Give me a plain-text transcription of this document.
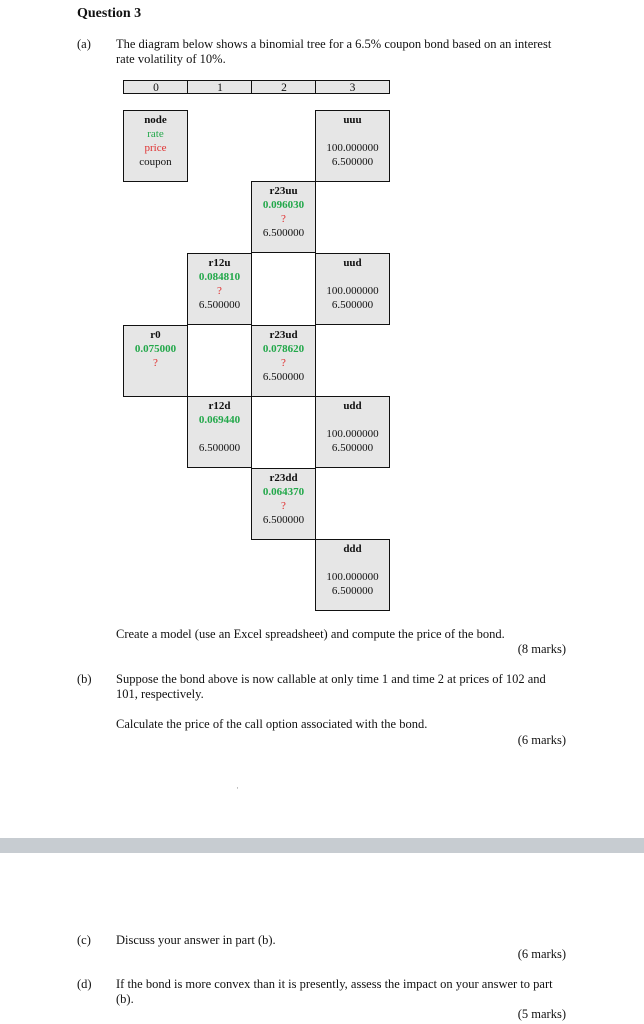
Question 3
(a) The diagram below shows a binomial tree for a 6.5% coupon bond based on an interest rate volatility of 10%.
0	1	2	3
node
rate
price
coupon
r0
0.075000
?
r12u
0.084810
?
6.500000
r12d
0.069440
6.500000
r23uu
0.096030
?
6.500000
r23ud
0.078620
?
6.500000
r23dd
0.064370
?
6.500000
uuu
100.000000
6.500000
uud
100.000000
6.500000
udd
100.000000
6.500000
ddd
100.000000
6.500000
Create a model (use an Excel spreadsheet) and compute the price of the bond.
(8 marks)
(b) Suppose the bond above is now callable at only time 1 and time 2 at prices of 102 and 101, respectively.
Calculate the price of the call option associated with the bond.
(6 marks)
·
(c) Discuss your answer in part (b).
(6 marks)
(d) If the bond is more convex than it is presently, assess the impact on your answer to part (b).
(5 marks)
